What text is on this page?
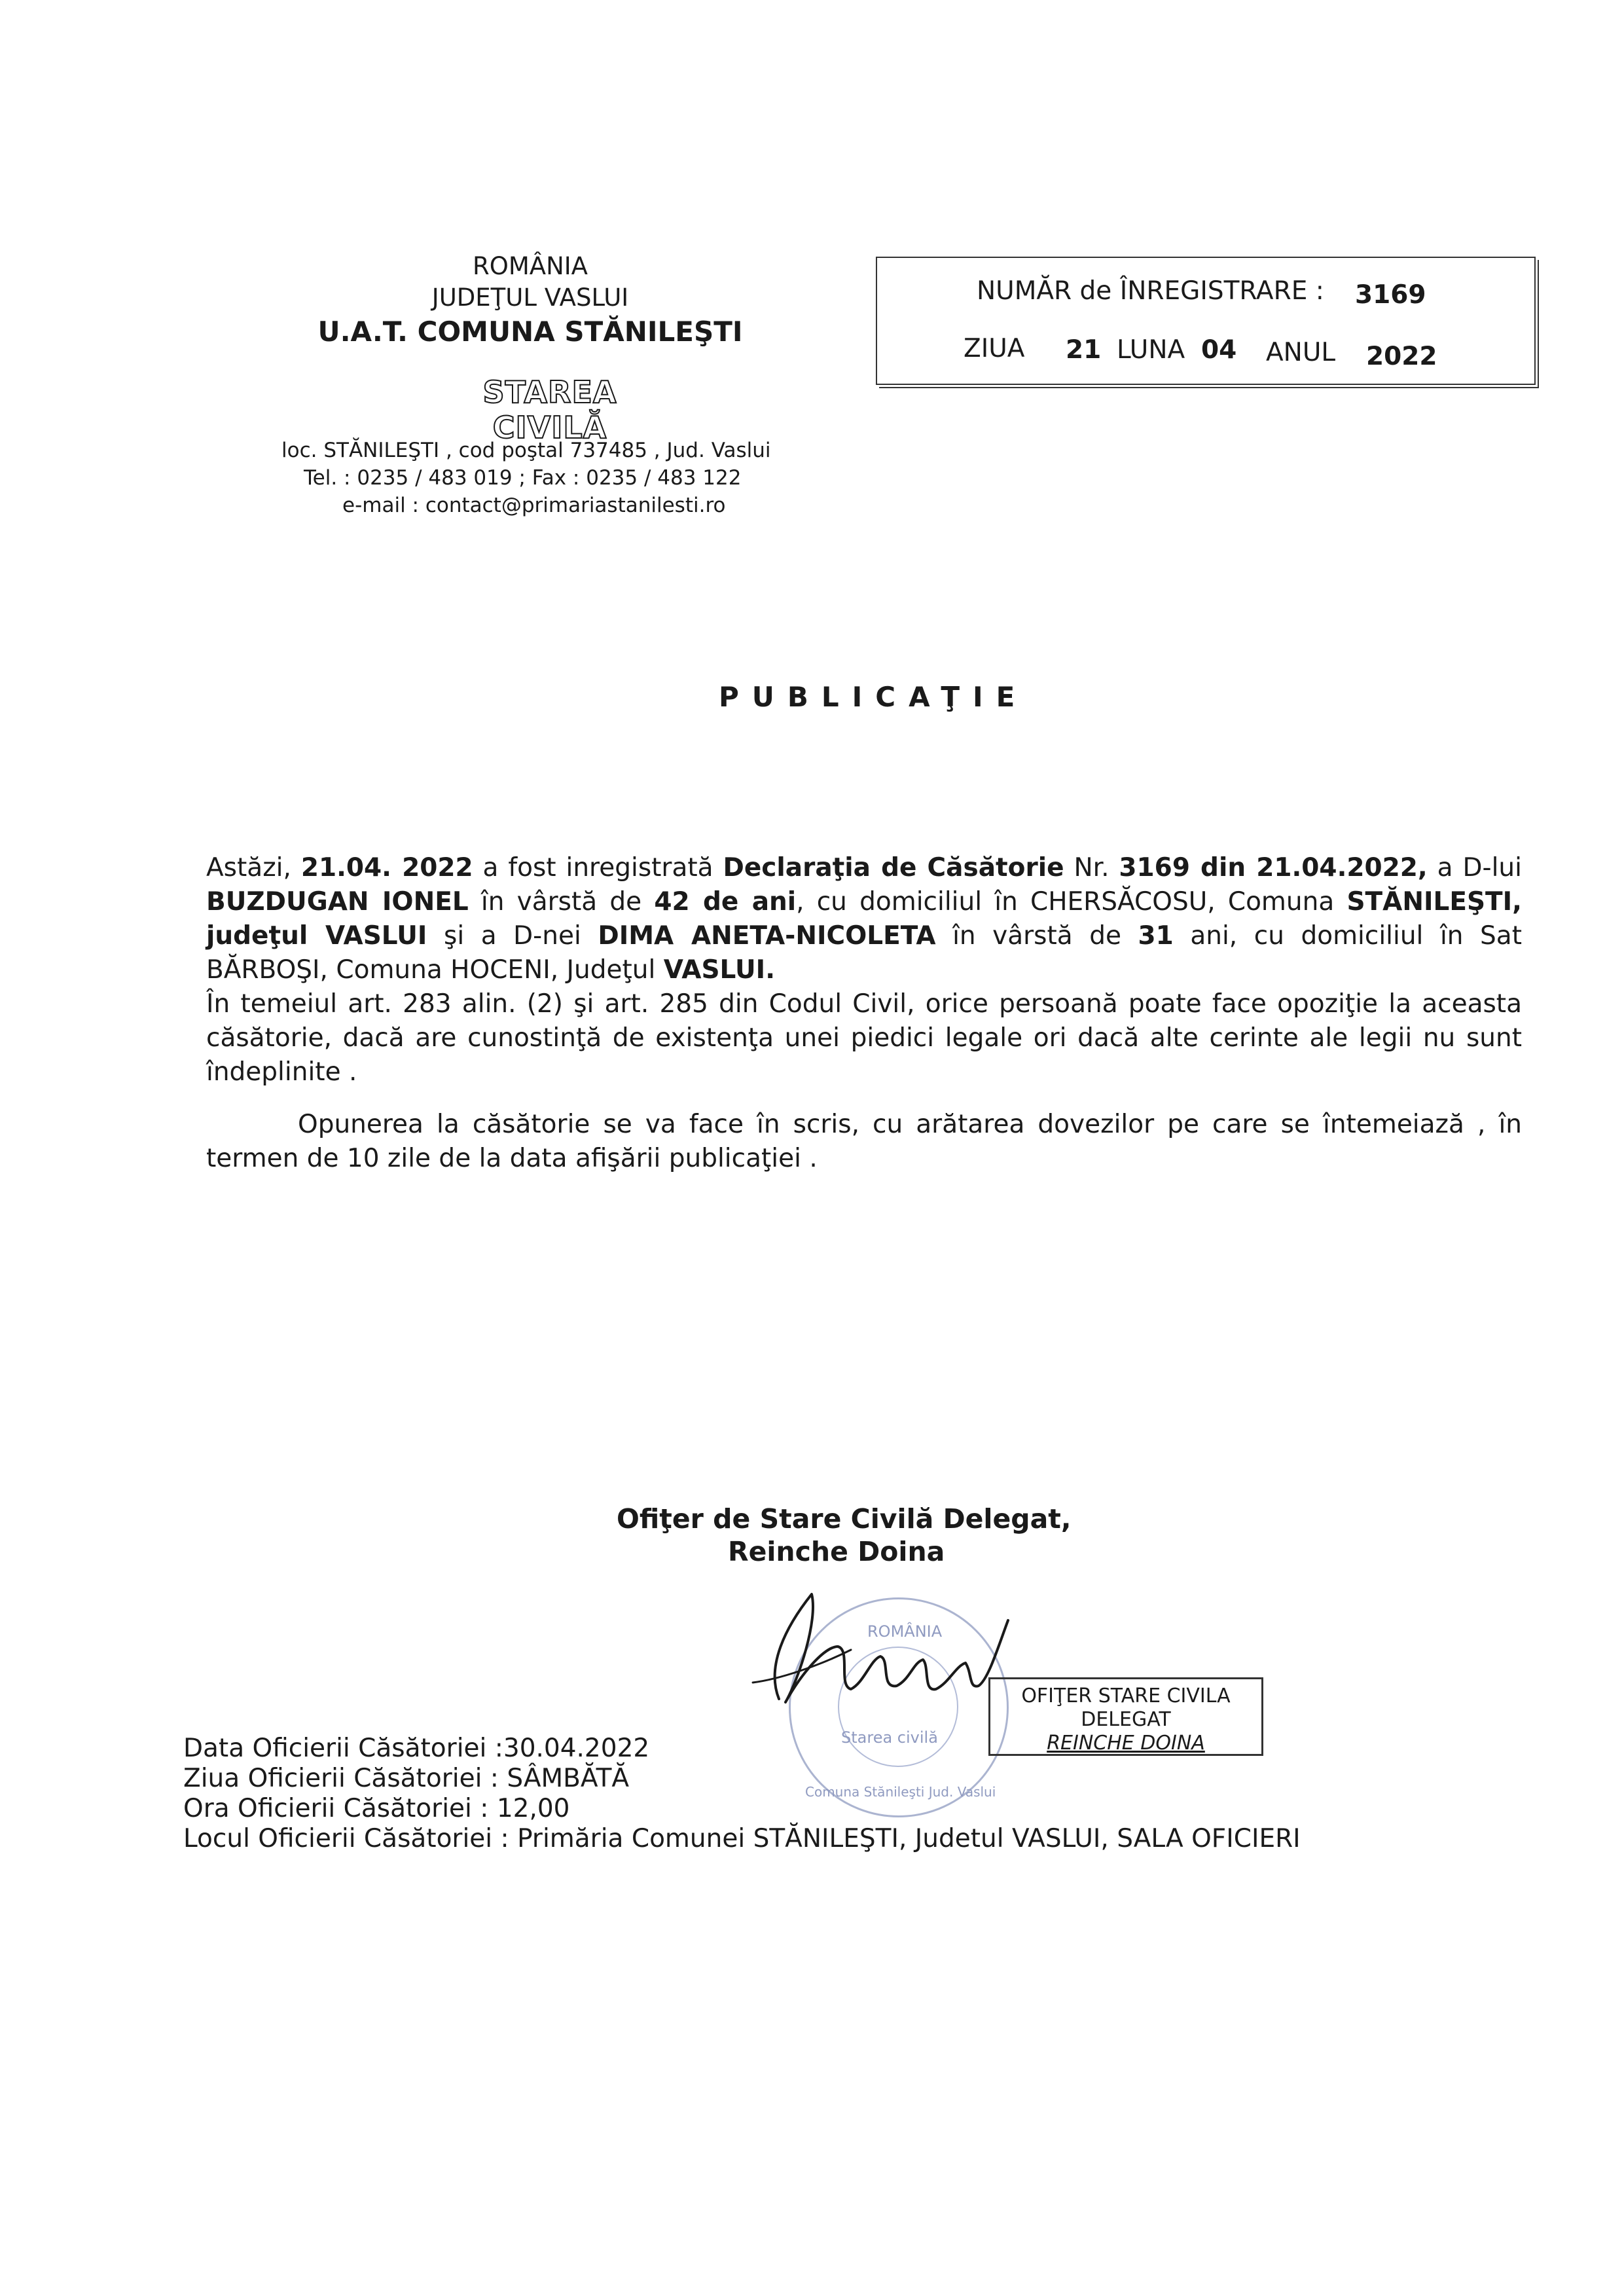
ROMÂNIA
JUDEŢUL VASLUI
U.A.T. COMUNA STĂNILEŞTI
STAREA CIVILĂ
loc. STĂNILEŞTI , cod poştal 737485 , Jud. Vaslui
Tel. : 0235 / 483 019 ; Fax : 0235 / 483 122
e-mail : contact@primariastanilesti.ro
NUMĂR de ÎNREGISTRARE : 3169
ZIUA 21 LUNA 04 ANUL 2022
PUBLICAŢIE

Astăzi, 21.04. 2022 a fost inregistrată Declaraţia de Căsătorie Nr. 3169 din 21.04.2022, a D-lui BUZDUGAN IONEL în vârstă de 42 de ani, cu domiciliul în CHERSĂCOSU, Comuna STĂNILEŞTI, judeţul VASLUI şi a D-nei DIMA ANETA-NICOLETA în vârstă de 31 ani, cu domiciliul în Sat BĂRBOŞI, Comuna HOCENI, Judeţul VASLUI.

În temeiul art. 283 alin. (2) şi art. 285 din Codul Civil, orice persoană poate face opoziţie la aceasta căsătorie, dacă are cunostinţă de existenţa unei piedici legale ori dacă alte cerinte ale legii nu sunt îndeplinite .

Opunerea la căsătorie se va face în scris, cu arătarea dovezilor pe care se întemeiază , în termen de 10 zile de la data afişării publicaţiei .

Ofiţer de Stare Civilă Delegat,
Reinche Doina
ROMÂNIA
Starea civilă
Comuna Stănileşti Jud. Vaslui
OFIŢER STARE CIVILA
DELEGAT
REINCHE DOINA
Data Oficierii Căsătoriei :30.04.2022
Ziua Oficierii Căsătoriei : SÂMBĂTĂ
Ora Oficierii Căsătoriei : 12,00
Locul Oficierii Căsătoriei : Primăria Comunei STĂNILEŞTI, Judetul VASLUI, SALA OFICIERI
